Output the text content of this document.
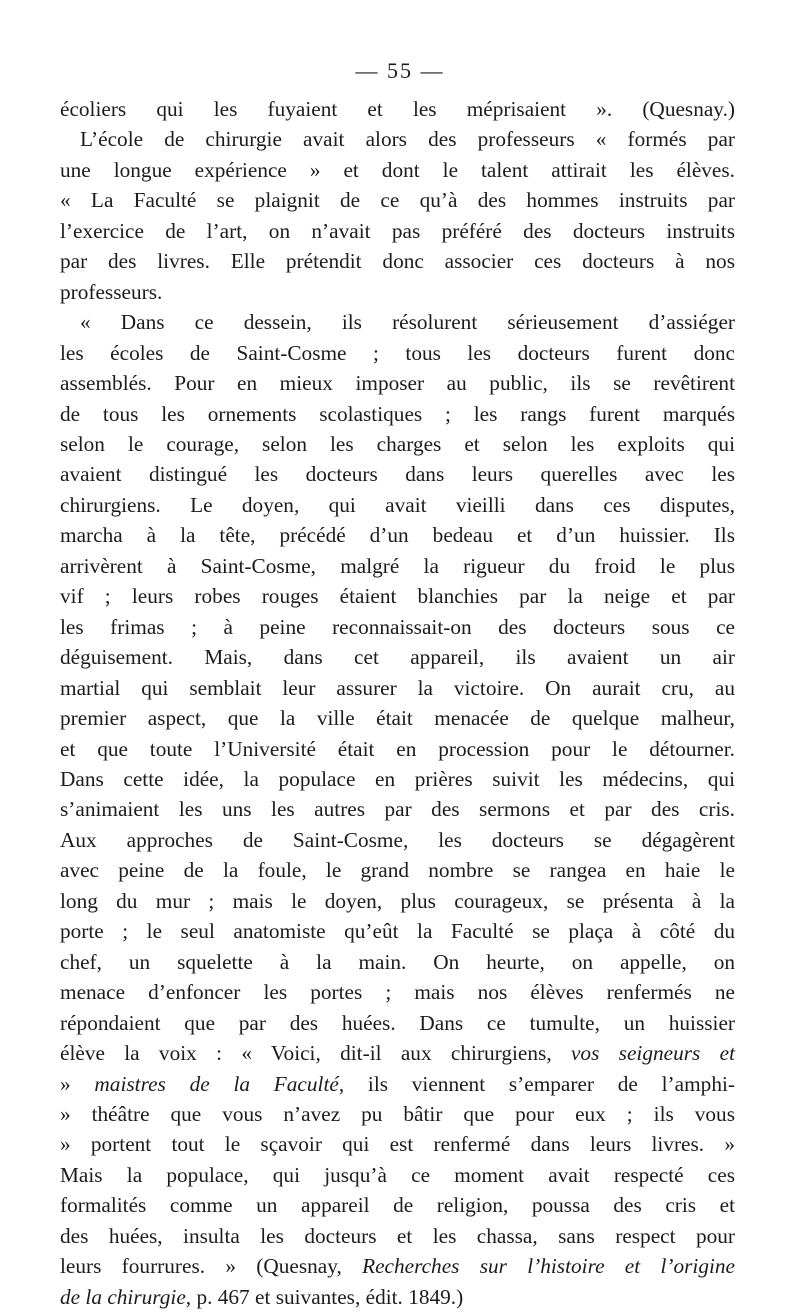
— 55 —
écoliers qui les fuyaient et les méprisaient ». (Quesnay.)
L’école de chirurgie avait alors des professeurs « formés par
une longue expérience » et dont le talent attirait les élèves.
« La Faculté se plaignit de ce qu’à des hommes instruits par
l’exercice de l’art, on n’avait pas préféré des docteurs instruits
par des livres. Elle prétendit donc associer ces docteurs à nos
professeurs.
« Dans ce dessein, ils résolurent sérieusement d’assiéger
les écoles de Saint-Cosme ; tous les docteurs furent donc
assemblés. Pour en mieux imposer au public, ils se revêtirent
de tous les ornements scolastiques ; les rangs furent marqués
selon le courage, selon les charges et selon les exploits qui
avaient distingué les docteurs dans leurs querelles avec les
chirurgiens. Le doyen, qui avait vieilli dans ces disputes,
marcha à la tête, précédé d’un bedeau et d’un huissier. Ils
arrivèrent à Saint-Cosme, malgré la rigueur du froid le plus
vif ; leurs robes rouges étaient blanchies par la neige et par
les frimas ; à peine reconnaissait-on des docteurs sous ce
déguisement. Mais, dans cet appareil, ils avaient un air
martial qui semblait leur assurer la victoire. On aurait cru, au
premier aspect, que la ville était menacée de quelque malheur,
et que toute l’Université était en procession pour le détourner.
Dans cette idée, la populace en prières suivit les médecins, qui
s’animaient les uns les autres par des sermons et par des cris.
Aux approches de Saint-Cosme, les docteurs se dégagèrent
avec peine de la foule, le grand nombre se rangea en haie le
long du mur ; mais le doyen, plus courageux, se présenta à la
porte ; le seul anatomiste qu’eût la Faculté se plaça à côté du
chef, un squelette à la main. On heurte, on appelle, on
menace d’enfoncer les portes ; mais nos élèves renfermés ne
répondaient que par des huées. Dans ce tumulte, un huissier
élève la voix : « Voici, dit-il aux chirurgiens, vos seigneurs et
» maistres de la Faculté, ils viennent s’emparer de l’amphi-
» théâtre que vous n’avez pu bâtir que pour eux ; ils vous
» portent tout le sçavoir qui est renfermé dans leurs livres. »
Mais la populace, qui jusqu’à ce moment avait respecté ces
formalités comme un appareil de religion, poussa des cris et
des huées, insulta les docteurs et les chassa, sans respect pour
leurs fourrures. » (Quesnay, Recherches sur l’histoire et l’origine
de la chirurgie, p. 467 et suivantes, édit. 1849.)
